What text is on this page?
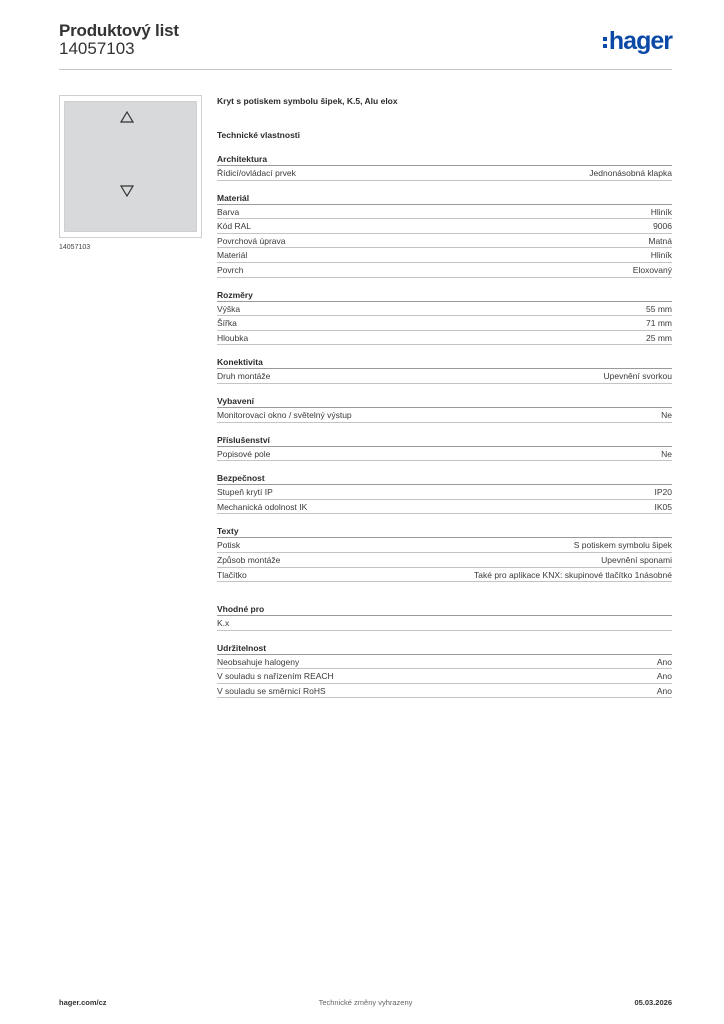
Produktový list
14057103	hager
14057103
Kryt s potiskem symbolu šipek, K.5, Alu elox
Technické vlastnosti
Architektura
Řídicí/ovládací prvek	Jednonásobná klapka
Materiál
Barva	Hliník
Kód RAL	9006
Povrchová úprava	Matná
Materiál	Hliník
Povrch	Eloxovaný
Rozměry
Výška	55 mm
Šířka	71 mm
Hloubka	25 mm
Konektivita
Druh montáže	Upevnění svorkou
Vybavení
Monitorovací okno / světelný výstup	Ne
Příslušenství
Popisové pole	Ne
Bezpečnost
Stupeň krytí IP	IP20
Mechanická odolnost IK	IK05
Texty
Potisk	S potiskem symbolu šipek
Způsob montáže	Upevnění sponami
Tlačítko	Také pro aplikace KNX: skupinové tlačítko 1násobné
Vhodné pro
K.x
Udržitelnost
Neobsahuje halogeny	Ano
V souladu s nařízením REACH	Ano
V souladu se směrnicí RoHS	Ano
hager.com/cz	Technické změny vyhrazeny	05.03.2026
